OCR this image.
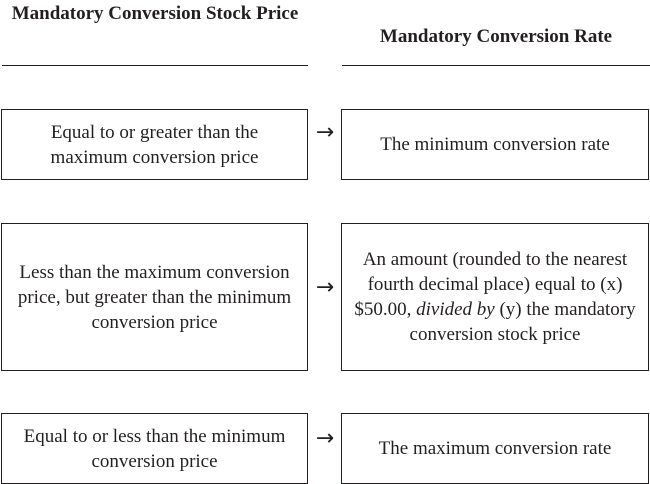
Mandatory Conversion Stock Price
Mandatory Conversion Rate
Equal to or greater than the maximum conversion price
→	The minimum conversion rate
Less than the maximum conversion price, but greater than the minimum conversion price
→
An amount (rounded to the nearest fourth decimal place) equal to (x) $50.00, divided by (y) the mandatory conversion stock price
Equal to or less than the minimum conversion price
→	The maximum conversion rate
